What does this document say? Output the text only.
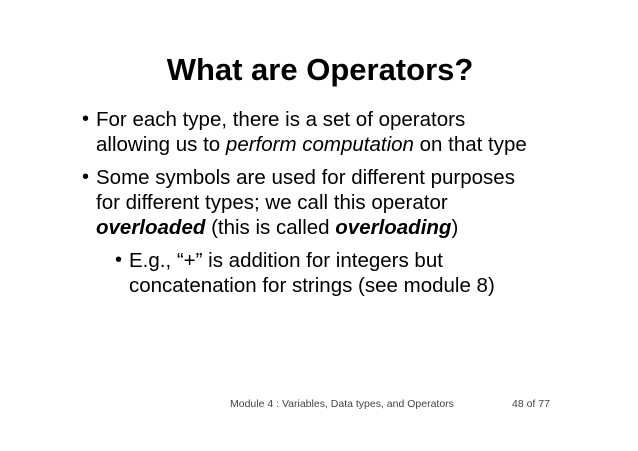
What are Operators?
• For each type, there is a set of operators
allowing us to perform computation on that type
• Some symbols are used for different purposes
for different types; we call this operator
overloaded (this is called overloading)
• E.g., “+” is addition for integers but
concatenation for strings (see module 8)
Module 4 : Variables, Data types, and Operators	48 of 77
